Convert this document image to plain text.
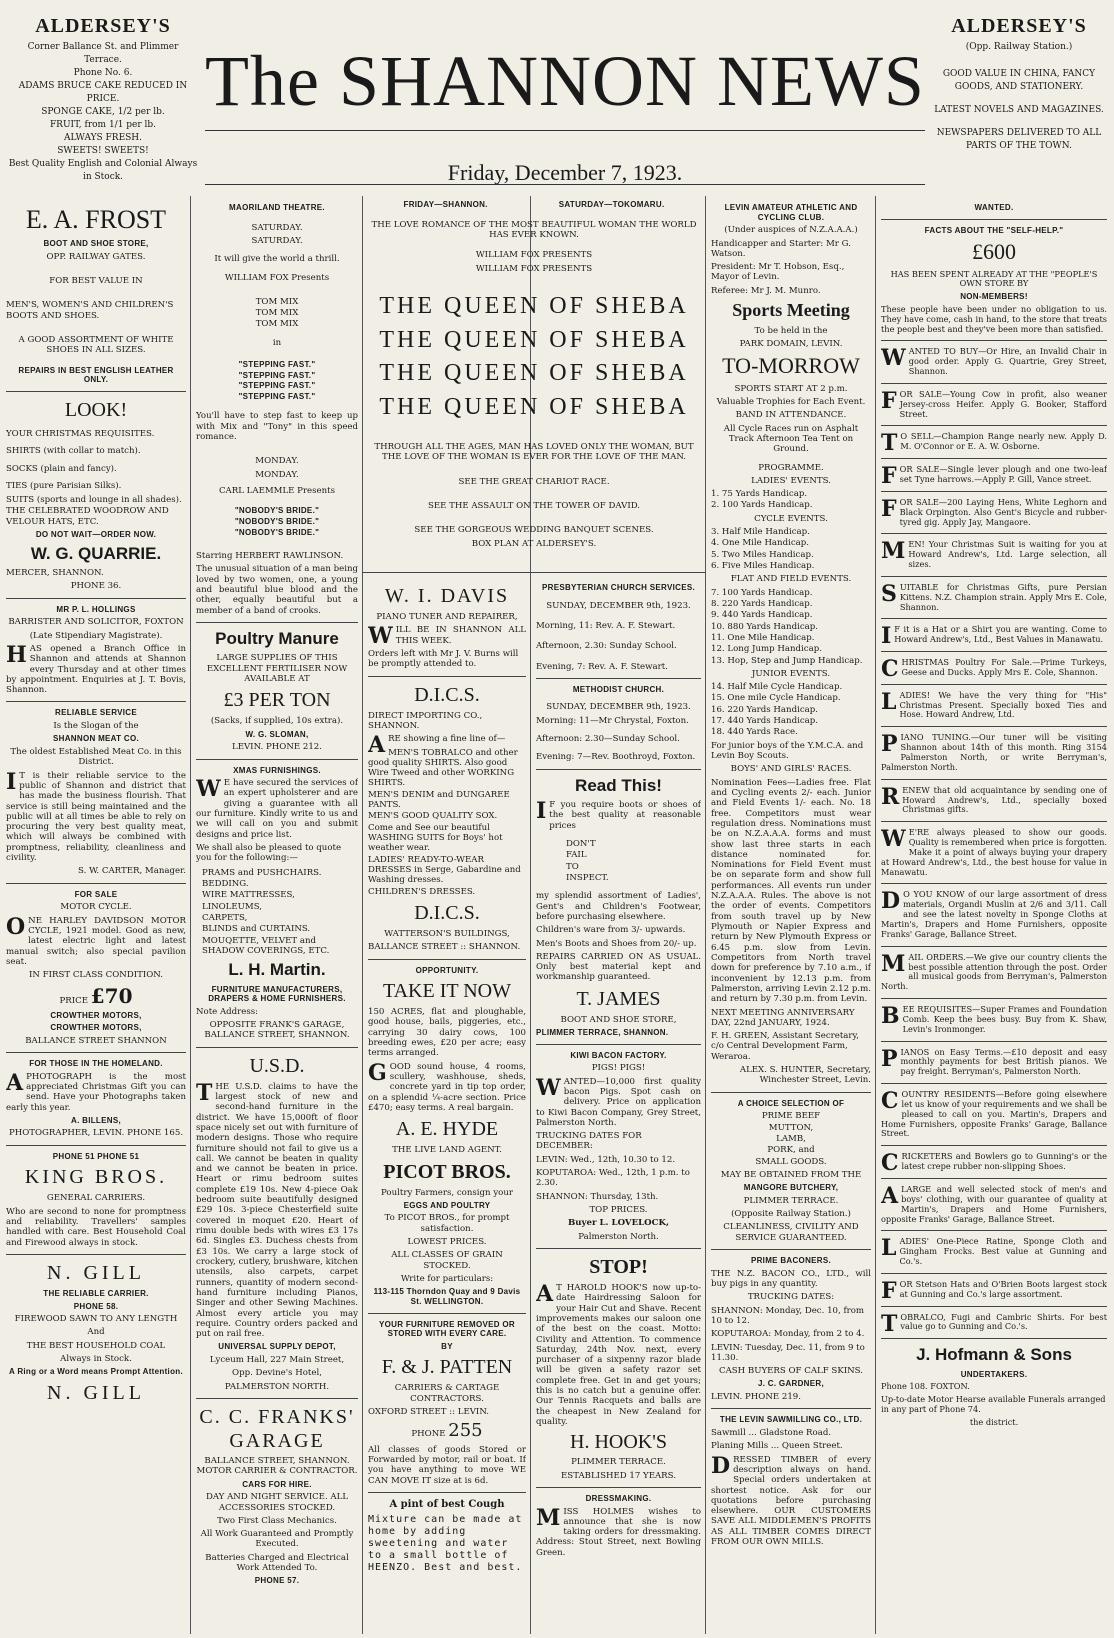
ALDERSEY'S
Corner Ballance St. and Plimmer Terrace.
Phone No. 6.
ADAMS BRUCE CAKE REDUCED IN PRICE.
SPONGE CAKE, 1/2 per lb.
FRUIT, from 1/1 per lb.
ALWAYS FRESH.
SWEETS! SWEETS!
Best Quality English and Colonial Always in Stock.
The SHANNON NEWS
Friday, December 7, 1923.
ALDERSEY'S
(Opp. Railway Station.)
GOOD VALUE IN CHINA, FANCY GOODS, AND STATIONERY.
LATEST NOVELS AND MAGAZINES.
NEWSPAPERS DELIVERED TO ALL PARTS OF THE TOWN.
E. A. FROST

BOOT AND SHOE STORE,

OPP. RAILWAY GATES.

FOR BEST VALUE IN

MEN'S, WOMEN'S AND CHILDREN'S BOOTS AND SHOES.

A GOOD ASSORTMENT OF WHITE SHOES IN ALL SIZES.

REPAIRS IN BEST ENGLISH LEATHER ONLY.

LOOK!

YOUR CHRISTMAS REQUISITES.

SHIRTS (with collar to match).

SOCKS (plain and fancy).

TIES (pure Parisian Silks).

SUITS (sports and lounge in all shades).

THE CELEBRATED WOODROW AND VELOUR HATS, ETC.

DO NOT WAIT—ORDER NOW.

W. G. QUARRIE.

MERCER, SHANNON.

PHONE 36.

MR P. L. HOLLINGS

BARRISTER AND SOLICITOR, FOXTON

(Late Stipendiary Magistrate).

HAS opened a Branch Office in Shannon and attends at Shannon every Thursday and at other times by appointment. Enquiries at J. T. Bovis, Shannon.

RELIABLE SERVICE

Is the Slogan of the

SHANNON MEAT CO.

The oldest Established Meat Co. in this District.

IT is their reliable service to the public of Shannon and district that has made the business flourish. That service is still being maintained and the public will at all times be able to rely on procuring the very best quality meat, which will always be combined with promptness, reliability, cleanliness and civility.

S. W. CARTER, Manager.

FOR SALE

MOTOR CYCLE.

ONE HARLEY DAVIDSON MOTOR CYCLE, 1921 model. Good as new, latest electric light and latest manual switch; also special pavilion seat.

IN FIRST CLASS CONDITION.

PRICE £70

CROWTHER MOTORS,

CROWTHER MOTORS,

BALLANCE STREET SHANNON

FOR THOSE IN THE HOMELAND.

APHOTOGRAPH is the most appreciated Christmas Gift you can send. Have your Photographs taken early this year.

A. BILLENS,

PHOTOGRAPHER, LEVIN. PHONE 165.

PHONE 51 PHONE 51

KING BROS.

GENERAL CARRIERS.

Who are second to none for promptness and reliability. Travellers' samples handled with care. Best Household Coal and Firewood always in stock.

N. GILL

THE RELIABLE CARRIER.

PHONE 58.

FIREWOOD SAWN TO ANY LENGTH

And

THE BEST HOUSEHOLD COAL

Always in Stock.

A Ring or a Word means Prompt Attention.

N. GILL

MAORILAND THEATRE.

SATURDAY.

SATURDAY.

It will give the world a thrill.

WILLIAM FOX Presents

TOM MIX

TOM MIX

TOM MIX

in

"STEPPING FAST."

"STEPPING FAST."

"STEPPING FAST."

"STEPPING FAST."

You'll have to step fast to keep up with Mix and "Tony" in this speed romance.

MONDAY.

MONDAY.

CARL LAEMMLE Presents

"NOBODY'S BRIDE."

"NOBODY'S BRIDE."

"NOBODY'S BRIDE."

Starring HERBERT RAWLINSON.

The unusual situation of a man being loved by two women, one, a young and beautiful blue blood and the other, equally beautiful but a member of a band of crooks.

Poultry Manure

LARGE SUPPLIES OF THIS EXCELLENT FERTILISER NOW AVAILABLE AT

£3 PER TON

(Sacks, if supplied, 10s extra).

W. G. SLOMAN,

LEVIN. PHONE 212.

XMAS FURNISHINGS.

WE have secured the services of an expert upholsterer and are giving a guarantee with all our furniture. Kindly write to us and we will call on you and submit designs and price list.

We shall also be pleased to quote you for the following:—

PRAMS and PUSHCHAIRS.

BEDDING.

WIRE MATTRESSES,

LINOLEUMS,

CARPETS,

BLINDS and CURTAINS.

MOUQETTE, VELVET and SHADOW COVERINGS, ETC.

L. H. Martin.

FURNITURE MANUFACTURERS, DRAPERS & HOME FURNISHERS.

Note Address:

OPPOSITE FRANK'S GARAGE, BALLANCE STREET, SHANNON.

U.S.D.

THE U.S.D. claims to have the largest stock of new and second-hand furniture in the district. We have 15,000ft of floor space nicely set out with furniture of modern designs. Those who require furniture should not fail to give us a call. We cannot be beaten in quality and we cannot be beaten in price. Heart or rimu bedroom suites complete £19 10s. New 4-piece Oak bedroom suite beautifully designed £29 10s. 3-piece Chesterfield suite covered in moquet £20. Heart of rimu double beds with wires £3 17s 6d. Singles £3. Duchess chests from £3 10s. We carry a large stock of crockery, cutlery, brushware, kitchen utensils, also carpets, carpet runners, quantity of modern second-hand furniture including Pianos, Singer and other Sewing Machines. Almost every article you may require. Country orders packed and put on rail free.

UNIVERSAL SUPPLY DEPOT,

Lyceum Hall, 227 Main Street,

Opp. Devine's Hotel,

PALMERSTON NORTH.

C. C. FRANKS'
GARAGE

BALLANCE STREET, SHANNON. MOTOR CARRIER & CONTRACTOR.

CARS FOR HIRE.

DAY AND NIGHT SERVICE. ALL ACCESSORIES STOCKED.

Two First Class Mechanics.

All Work Guaranteed and Promptly Executed.

Batteries Charged and Electrical Work Attended To.

PHONE 57.

FRIDAY—SHANNON.	SATURDAY—TOKOMARU.

THE LOVE ROMANCE OF THE MOST BEAUTIFUL WOMAN THE WORLD HAS EVER KNOWN.

WILLIAM FOX PRESENTS

WILLIAM FOX PRESENTS

THE QUEEN OF SHEBA
THE QUEEN OF SHEBA
THE QUEEN OF SHEBA
THE QUEEN OF SHEBA

THROUGH ALL THE AGES, MAN HAS LOVED ONLY THE WOMAN, BUT THE LOVE OF THE WOMAN IS EVER FOR THE LOVE OF THE MAN.

SEE THE GREAT CHARIOT RACE.

SEE THE ASSAULT ON THE TOWER OF DAVID.

SEE THE GORGEOUS WEDDING BANQUET SCENES.

BOX PLAN AT ALDERSEY'S.

W. I. DAVIS

PIANO TUNER AND REPAIRER,

WILL BE IN SHANNON ALL THIS WEEK.

Orders left with Mr J. V. Burns will be promptly attended to.

D.I.C.S.

DIRECT IMPORTING CO., SHANNON.

ARE showing a fine line of—

MEN'S TOBRALCO and other good quality SHIRTS. Also good Wire Tweed and other WORKING SHIRTS.

MEN'S DENIM and DUNGAREE PANTS.

MEN'S GOOD QUALITY SOX.

Come and See our beautiful WASHING SUITS for Boys' hot weather wear.

LADIES' READY-TO-WEAR DRESSES in Serge, Gabardine and Washing dresses.

CHILDREN'S DRESSES.

D.I.C.S.

WATTERSON'S BUILDINGS,

BALLANCE STREET :: SHANNON.

OPPORTUNITY.

TAKE IT NOW

150 ACRES, flat and ploughable, good house, bails, piggeries, etc., carrying 30 dairy cows, 100 breeding ewes, £20 per acre; easy terms arranged.

GOOD sound house, 4 rooms, scullery, washhouse, sheds, concrete yard in tip top order, on a splendid ¼-acre section. Price £470; easy terms. A real bargain.

A. E. HYDE

THE LIVE LAND AGENT.

PICOT BROS.

Poultry Farmers, consign your

EGGS AND POULTRY

To PICOT BROS., for prompt satisfaction.

LOWEST PRICES.

ALL CLASSES OF GRAIN STOCKED.

Write for particulars:

113-115 Thorndon Quay and 9 Davis St. WELLINGTON.

YOUR FURNITURE REMOVED OR STORED WITH EVERY CARE.

BY

F. & J. PATTEN

CARRIERS & CARTAGE CONTRACTORS.

OXFORD STREET :: LEVIN.

PHONE 255

All classes of goods Stored or Forwarded by motor, rail or boat. If you have anything to move WE CAN MOVE IT size at is 6d.

A pint of best Cough

Mixture can be made at home by adding sweetening and water to a small bottle of HEENZO. Best and best.

PRESBYTERIAN CHURCH SERVICES.

SUNDAY, DECEMBER 9th, 1923.

Morning, 11: Rev. A. F. Stewart.

Afternoon, 2.30: Sunday School.

Evening, 7: Rev. A. F. Stewart.

METHODIST CHURCH.

SUNDAY, DECEMBER 9th, 1923.

Morning: 11—Mr Chrystal, Foxton.

Afternoon: 2.30—Sunday School.

Evening: 7—Rev. Boothroyd, Foxton.

Read This!

IF you require boots or shoes of the best quality at reasonable prices

DON'T

FAIL

TO

INSPECT.

my splendid assortment of Ladies', Gent's and Children's Footwear, before purchasing elsewhere.

Children's ware from 3/- upwards.

Men's Boots and Shoes from 20/- up.

REPAIRS CARRIED ON AS USUAL. Only best material kept and workmanship guaranteed.

T. JAMES

BOOT AND SHOE STORE,

PLIMMER TERRACE, SHANNON.

KIWI BACON FACTORY.

PIGS! PIGS!

WANTED—10,000 first quality bacon Pigs. Spot cash on delivery. Price on application to Kiwi Bacon Company, Grey Street, Palmerston North.

TRUCKING DATES FOR DECEMBER:

LEVIN: Wed., 12th, 10.30 to 12.

KOPUTAROA: Wed., 12th, 1 p.m. to 2.30.

SHANNON: Thursday, 13th.

TOP PRICES.

Buyer L. LOVELOCK,

Palmerston North.

STOP!

AT HAROLD HOOK'S now up-to-date Hairdressing Saloon for your Hair Cut and Shave. Recent improvements makes our saloon one of the best on the coast. Motto: Civility and Attention. To commence Saturday, 24th Nov. next, every purchaser of a sixpenny razor blade will be given a safety razor set complete free. Get in and get yours; this is no catch but a genuine offer. Our Tennis Racquets and balls are the cheapest in New Zealand for quality.

H. HOOK'S

PLIMMER TERRACE.

ESTABLISHED 17 YEARS.

DRESSMAKING.

MISS HOLMES wishes to announce that she is now taking orders for dressmaking. Address: Stout Street, next Bowling Green.

LEVIN AMATEUR ATHLETIC AND CYCLING CLUB.

(Under auspices of N.Z.A.A.A.)

Handicapper and Starter: Mr G. Watson.

President: Mr T. Hobson, Esq., Mayor of Levin.

Referee: Mr J. M. Munro.

Sports Meeting

To be held in the

PARK DOMAIN, LEVIN.

TO-MORROW

SPORTS START AT 2 p.m.

Valuable Trophies for Each Event.

BAND IN ATTENDANCE.

All Cycle Races run on Asphalt Track Afternoon Tea Tent on Ground.

PROGRAMME.

LADIES' EVENTS.

1. 75 Yards Handicap.

2. 100 Yards Handicap.

CYCLE EVENTS.

3. Half Mile Handicap.

4. One Mile Handicap.

5. Two Miles Handicap.

6. Five Miles Handicap.

FLAT AND FIELD EVENTS.

7. 100 Yards Handicap.

8. 220 Yards Handicap.

9. 440 Yards Handicap.

10. 880 Yards Handicap.

11. One Mile Handicap.

12. Long Jump Handicap.

13. Hop, Step and Jump Handicap.

JUNIOR EVENTS.

14. Half Mile Cycle Handicap.

15. One mile Cycle Handicap.

16. 220 Yards Handicap.

17. 440 Yards Handicap.

18. 440 Yards Race.

For junior boys of the Y.M.C.A. and Levin Boy Scouts.

BOYS' AND GIRLS' RACES.

Nomination Fees—Ladies free. Flat and Cycling events 2/- each. Junior and Field Events 1/- each. No. 18 free. Competitors must wear regulation dress. Nominations must be on N.Z.A.A.A. forms and must show last three starts in each distance nominated for. Nominations for Field Event must be on separate form and show full performances. All events run under N.Z.A.A.A. Rules. The above is not the order of events. Competitors from south travel up by New Plymouth or Napier Express and return by New Plymouth Express or 6.45 p.m. slow from Levin. Competitors from North travel down for preference by 7.10 a.m., if inconvenient by 12.13 p.m. from Palmerston, arriving Levin 2.12 p.m. and return by 7.30 p.m. from Levin.

NEXT MEETING ANNIVERSARY DAY, 22nd JANUARY, 1924.

F. H. GREEN, Assistant Secretary, c/o Central Development Farm, Weraroa.

ALEX. S. HUNTER, Secretary, Winchester Street, Levin.

A CHOICE SELECTION OF

PRIME BEEF

MUTTON,

LAMB,

PORK, and

SMALL GOODS.

MAY BE OBTAINED FROM THE

MANGORE BUTCHERY,

PLIMMER TERRACE.

(Opposite Railway Station.)

CLEANLINESS, CIVILITY AND SERVICE GUARANTEED.

PRIME BACONERS.

THE N.Z. BACON CO., LTD., will buy pigs in any quantity.

TRUCKING DATES:

SHANNON: Monday, Dec. 10, from 10 to 12.

KOPUTAROA: Monday, from 2 to 4.

LEVIN: Tuesday, Dec. 11, from 9 to 11.30.

CASH BUYERS OF CALF SKINS.

J. C. GARDNER,

LEVIN. PHONE 219.

THE LEVIN SAWMILLING CO., LTD.

Sawmill ... Gladstone Road.

Planing Mills ... Queen Street.

DRESSED TIMBER of every description always on hand. Special orders undertaken at shortest notice. Ask for our quotations before purchasing elsewhere. OUR CUSTOMERS SAVE ALL MIDDLEMEN'S PROFITS AS ALL TIMBER COMES DIRECT FROM OUR OWN MILLS.

WANTED.

FACTS ABOUT THE "SELF-HELP."

£600

HAS BEEN SPENT ALREADY AT THE "PEOPLE'S OWN STORE BY

NON-MEMBERS!

These people have been under no obligation to us. They have come, cash in hand, to the store that treats the people best and they've been more than satisfied.

WANTED TO BUY—Or Hire, an Invalid Chair in good order. Apply G. Quartrie, Grey Street, Shannon.

FOR SALE—Young Cow in profit, also weaner Jersey-cross Heifer. Apply G. Booker, Stafford Street.

TO SELL—Champion Range nearly new. Apply D. M. O'Connor or E. A. W. Osborne.

FOR SALE—Single lever plough and one two-leaf set Tyne harrows.—Apply P. Gill, Vance street.

FOR SALE—200 Laying Hens, White Leghorn and Black Orpington. Also Gent's Bicycle and rubber-tyred gig. Apply Jay, Mangaore.

MEN! Your Christmas Suit is waiting for you at Howard Andrew's, Ltd. Large selection, all sizes.

SUITABLE for Christmas Gifts, pure Persian Kittens. N.Z. Champion strain. Apply Mrs E. Cole, Shannon.

IF it is a Hat or a Shirt you are wanting. Come to Howard Andrew's, Ltd., Best Values in Manawatu.

CHRISTMAS Poultry For Sale.—Prime Turkeys, Geese and Ducks. Apply Mrs E. Cole, Shannon.

LADIES! We have the very thing for "His" Christmas Present. Specially boxed Ties and Hose. Howard Andrew, Ltd.

PIANO TUNING.—Our tuner will be visiting Shannon about 14th of this month. Ring 3154 Palmerston North, or write Berryman's, Palmerston North.

RENEW that old acquaintance by sending one of Howard Andrew's, Ltd., specially boxed Christmas gifts.

WE'RE always pleased to show our goods. Quality is remembered when price is forgotten. Make it a point of always buying your drapery at Howard Andrew's, Ltd., the best house for value in Manawatu.

DO YOU KNOW of our large assortment of dress materials, Organdi Muslin at 2/6 and 3/11. Call and see the latest novelty in Sponge Cloths at Martin's, Drapers and Home Furnishers, opposite Franks' Garage, Ballance Street.

MAIL ORDERS.—We give our country clients the best possible attention through the post. Order all musical goods from Berryman's, Palmerston North.

BEE REQUISITES—Super Frames and Foundation Comb. Keep the bees busy. Buy from K. Shaw, Levin's Ironmonger.

PIANOS on Easy Terms.—£10 deposit and easy monthly payments for best British pianos. We pay freight. Berryman's, Palmerston North.

COUNTRY RESIDENTS—Before going elsewhere let us know of your requirements and we shall be pleased to call on you. Martin's, Drapers and Home Furnishers, opposite Franks' Garage, Ballance Street.

CRICKETERS and Bowlers go to Gunning's or the latest crepe rubber non-slipping Shoes.

ALARGE and well selected stock of men's and boys' clothing, with our guarantee of quality at Martin's, Drapers and Home Furnishers, opposite Franks' Garage, Ballance Street.

LADIES' One-Piece Ratine, Sponge Cloth and Gingham Frocks. Best value at Gunning and Co.'s.

FOR Stetson Hats and O'Brien Boots largest stock at Gunning and Co.'s large assortment.

TOBRALCO, Fugi and Cambric Shirts. For best value go to Gunning and Co.'s.

J. Hofmann & Sons

UNDERTAKERS.

Phone 108. FOXTON.

Up-to-date Motor Hearse available Funerals arranged in any part of Phone 74.

the district.
